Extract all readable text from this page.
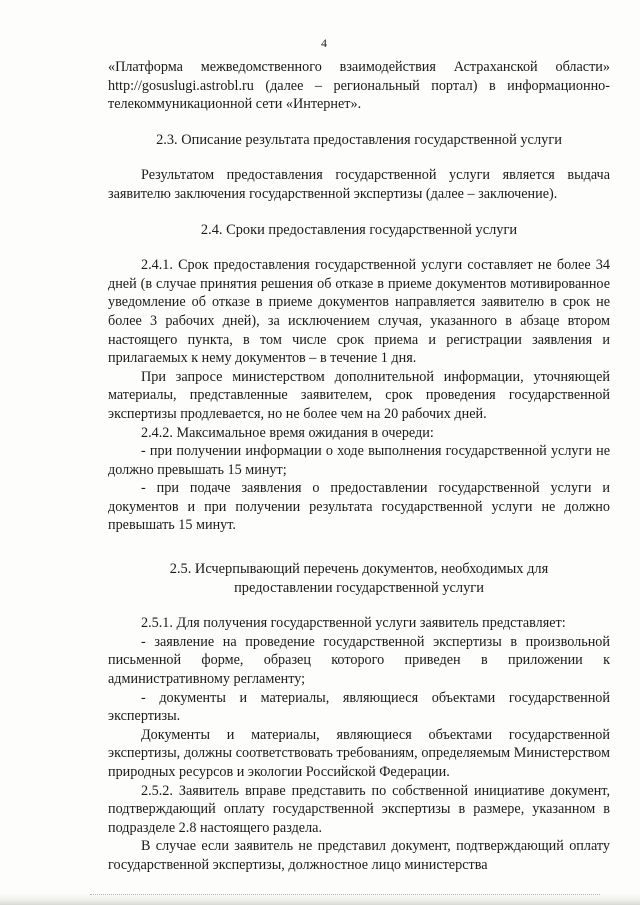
4

«Платформа межведомственного взаимодействия Астраханской области» http://gosuslugi.astrobl.ru (далее – региональный портал) в информационно-телекоммуникационной сети «Интернет».

2.3. Описание результата предоставления государственной услуги

Результатом предоставления государственной услуги является выдача заявителю заключения государственной экспертизы (далее – заключение).

2.4. Сроки предоставления государственной услуги

2.4.1. Срок предоставления государственной услуги составляет не более 34 дней (в случае принятия решения об отказе в приеме документов мотивированное уведомление об отказе в приеме документов направляется заявителю в срок не более 3 рабочих дней), за исключением случая, указанного в абзаце втором настоящего пункта, в том числе срок приема и регистрации заявления и прилагаемых к нему документов – в течение 1 дня.

При запросе министерством дополнительной информации, уточняющей материалы, представленные заявителем, срок проведения государственной экспертизы продлевается, но не более чем на 20 рабочих дней.

2.4.2. Максимальное время ожидания в очереди:

- при получении информации о ходе выполнения государственной услуги не должно превышать 15 минут;

- при подаче заявления о предоставлении государственной услуги и документов и при получении результата государственной услуги не должно превышать 15 минут.

2.5. Исчерпывающий перечень документов, необходимых для

предоставлении государственной услуги

2.5.1. Для получения государственной услуги заявитель представляет:

- заявление на проведение государственной экспертизы в произвольной письменной форме, образец которого приведен в приложении к административному регламенту;

- документы и материалы, являющиеся объектами государственной экспертизы.

Документы и материалы, являющиеся объектами государственной экспертизы, должны соответствовать требованиям, определяемым Министерством природных ресурсов и экологии Российской Федерации.

2.5.2. Заявитель вправе представить по собственной инициативе документ, подтверждающий оплату государственной экспертизы в размере, указанном в подразделе 2.8 настоящего раздела.

В случае если заявитель не представил документ, подтверждающий оплату государственной экспертизы, должностное лицо министерства
